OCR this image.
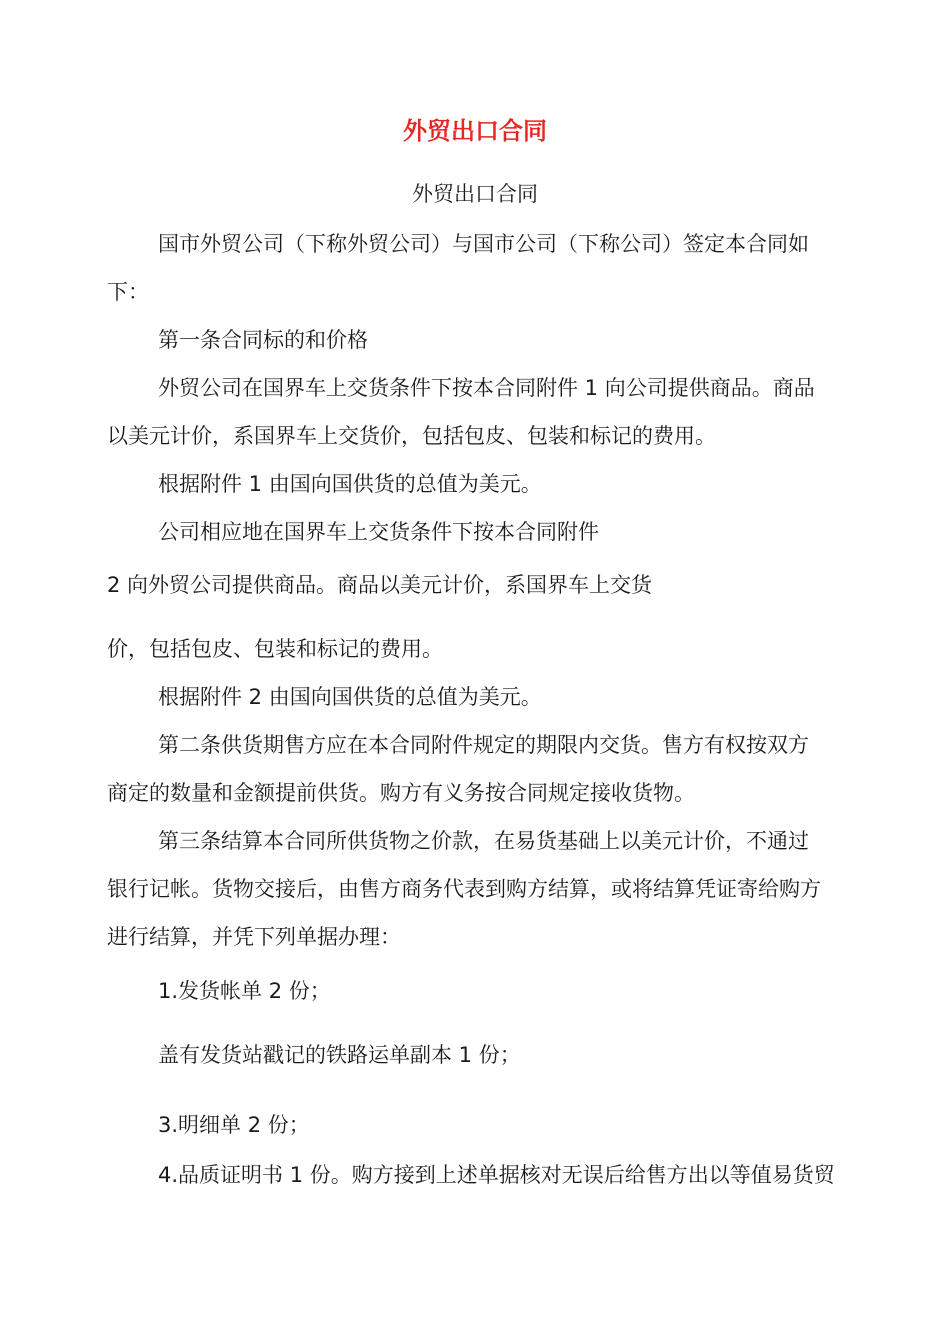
外贸出口合同

外贸出口合同

国市外贸公司（下称外贸公司）与国市公司（下称公司）签定本合同如

下：

第一条合同标的和价格

外贸公司在国界车上交货条件下按本合同附件 1 向公司提供商品。商品

以美元计价，系国界车上交货价，包括包皮、包装和标记的费用。

根据附件 1 由国向国供货的总值为美元。

公司相应地在国界车上交货条件下按本合同附件

2 向外贸公司提供商品。商品以美元计价，系国界车上交货

价，包括包皮、包装和标记的费用。

根据附件 2 由国向国供货的总值为美元。

第二条供货期售方应在本合同附件规定的期限内交货。售方有权按双方

商定的数量和金额提前供货。购方有义务按合同规定接收货物。

第三条结算本合同所供货物之价款，在易货基础上以美元计价，不通过

银行记帐。货物交接后，由售方商务代表到购方结算，或将结算凭证寄给购方

进行结算，并凭下列单据办理：

1.发货帐单 2 份；

盖有发货站戳记的铁路运单副本 1 份；

3.明细单 2 份；

4.品质证明书 1 份。购方接到上述单据核对无误后给售方出以等值易货贸
